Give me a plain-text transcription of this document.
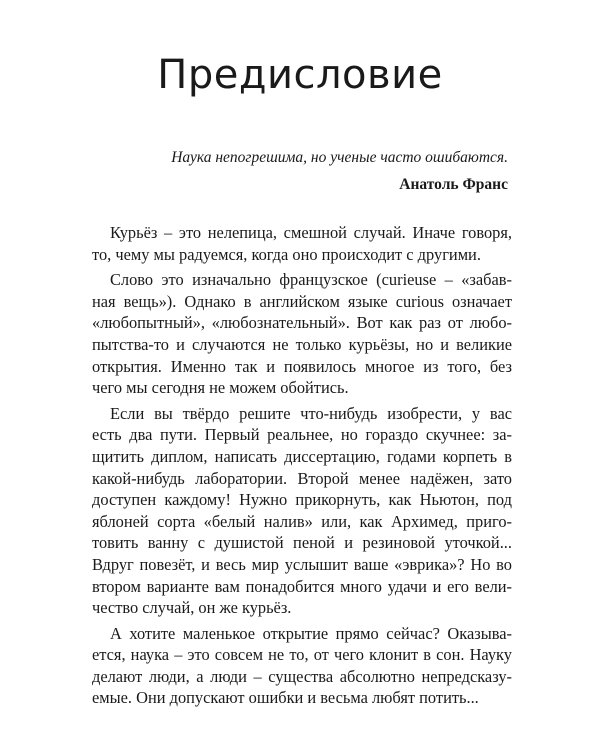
Предисловие
Наука непогрешима, но ученые часто ошибаются.
Анатоль Франс
Курьёз – это нелепица, смешной случай. Иначе говоря,
то, чему мы радуемся, когда оно происходит с другими.
Слово это изначально французское (curieuse – «забав-
ная вещь»). Однако в английском языке curious означает
«любопытный», «любознательный». Вот как раз от любо-
пытства-то и случаются не только курьёзы, но и великие
открытия. Именно так и появилось многое из того, без
чего мы сегодня не можем обойтись.
Если вы твёрдо решите что-нибудь изобрести, у вас
есть два пути. Первый реальнее, но гораздо скучнее: за-
щитить диплом, написать диссертацию, годами корпеть в
какой-нибудь лаборатории. Второй менее надёжен, зато
доступен каждому! Нужно прикорнуть, как Ньютон, под
яблоней сорта «белый налив» или, как Архимед, приго-
товить ванну с душистой пеной и резиновой уточкой...
Вдруг повезёт, и весь мир услышит ваше «эврика»? Но во
втором варианте вам понадобится много удачи и его вели-
чество случай, он же курьёз.
А хотите маленькое открытие прямо сейчас? Оказыва-
ется, наука – это совсем не то, от чего клонит в сон. Науку
делают люди, а люди – существа абсолютно непредсказу-
емые. Они допускают ошибки и весьма любят потить...
